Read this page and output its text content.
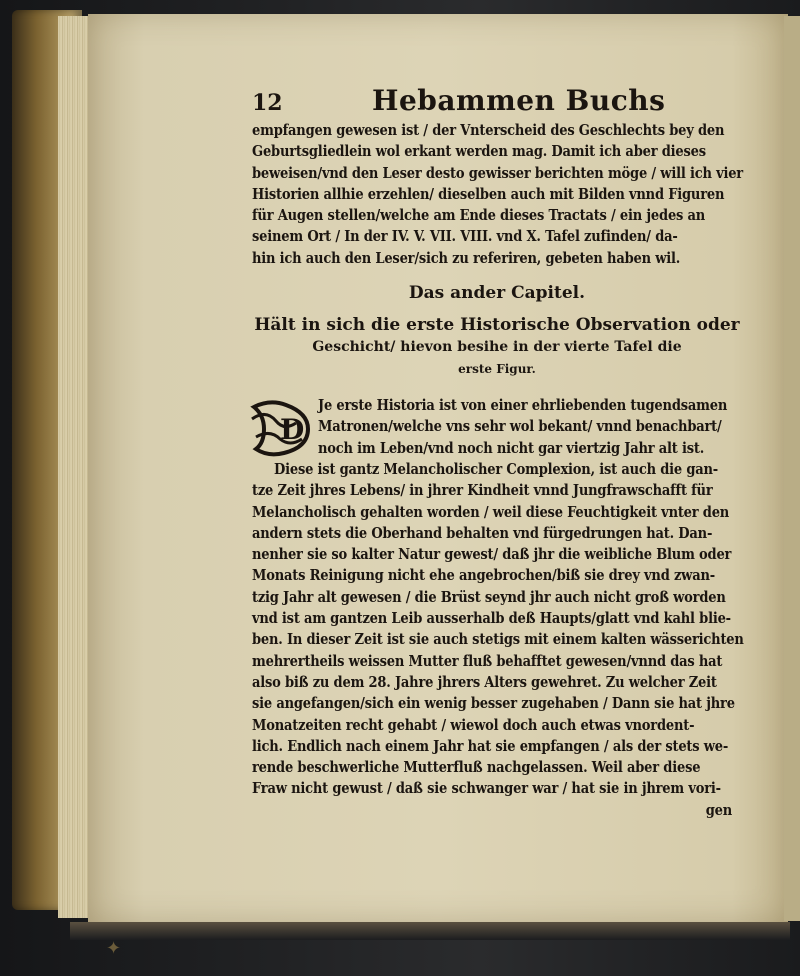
✦
12	Hebammen Buchs
empfangen gewesen ist / der Vnterscheid des Geschlechts bey den
Geburtsgliedlein wol erkant werden mag. Damit ich aber dieses
beweisen/vnd den Leser desto gewisser berichten möge / will ich vier
Historien allhie erzehlen/ dieselben auch mit Bilden vnnd Figuren
für Augen stellen/welche am Ende dieses Tractats / ein jedes an
seinem Ort / In der IV. V. VII. VIII. vnd X. Tafel zufinden/ da-
hin ich auch den Leser/sich zu referiren, gebeten haben wil.
Das ander Capitel.
Hält in sich die erste Historische Observation oder
Geschicht/ hievon besihe in der vierte Tafel die
erste Figur.
D
Je erste Historia ist von einer ehrliebenden tugendsamen
Matronen/welche vns sehr wol bekant/ vnnd benachbart/
noch im Leben/vnd noch nicht gar viertzig Jahr alt ist.
Diese ist gantz Melancholischer Complexion, ist auch die gan-
tze Zeit jhres Lebens/ in jhrer Kindheit vnnd Jungfrawschafft für
Melancholisch gehalten worden / weil diese Feuchtigkeit vnter den
andern stets die Oberhand behalten vnd fürgedrungen hat. Dan-
nenher sie so kalter Natur gewest/ daß jhr die weibliche Blum oder
Monats Reinigung nicht ehe angebrochen/biß sie drey vnd zwan-
tzig Jahr alt gewesen / die Brüst seynd jhr auch nicht groß worden
vnd ist am gantzen Leib ausserhalb deß Haupts/glatt vnd kahl blie-
ben. In dieser Zeit ist sie auch stetigs mit einem kalten wässerichten
mehrertheils weissen Mutter fluß behafftet gewesen/vnnd das hat
also biß zu dem 28. Jahre jhrers Alters gewehret. Zu welcher Zeit
sie angefangen/sich ein wenig besser zugehaben / Dann sie hat jhre
Monatzeiten recht gehabt / wiewol doch auch etwas vnordent-
lich. Endlich nach einem Jahr hat sie empfangen / als der stets we-
rende beschwerliche Mutterfluß nachgelassen. Weil aber diese
Fraw nicht gewust / daß sie schwanger war / hat sie in jhrem vori-
gen
